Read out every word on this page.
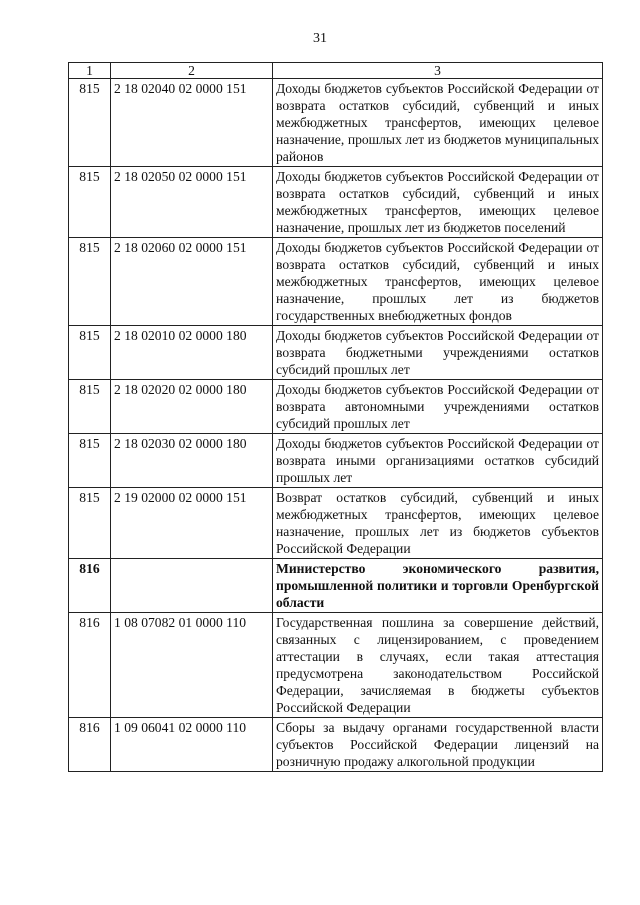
31
1	2	3
815	2 18 02040 02 0000 151	Доходы бюджетов субъектов Российской Федерации от возврата остатков субсидий, субвенций и иных межбюджетных трансфертов, имеющих целевое назначение, прошлых лет из бюджетов муниципальных районов
815	2 18 02050 02 0000 151	Доходы бюджетов субъектов Российской Федерации от возврата остатков субсидий, субвенций и иных межбюджетных трансфертов, имеющих целевое назначение, прошлых лет из бюджетов поселений
815	2 18 02060 02 0000 151	Доходы бюджетов субъектов Российской Федерации от возврата остатков субсидий, субвенций и иных межбюджетных трансфертов, имеющих целевое назначение, прошлых лет из бюджетов государственных внебюджетных фондов
815	2 18 02010 02 0000 180	Доходы бюджетов субъектов Российской Федерации от возврата бюджетными учреждениями остатков субсидий прошлых лет
815	2 18 02020 02 0000 180	Доходы бюджетов субъектов Российской Федерации от возврата автономными учреждениями остатков субсидий прошлых лет
815	2 18 02030 02 0000 180	Доходы бюджетов субъектов Российской Федерации от возврата иными организациями остатков субсидий прошлых лет
815	2 19 02000 02 0000 151	Возврат остатков субсидий, субвенций и иных межбюджетных трансфертов, имеющих целевое назначение, прошлых лет из бюджетов субъектов Российской Федерации
816		Министерство экономического развития, промышленной политики и торговли Оренбургской области
816	1 08 07082 01 0000 110	Государственная пошлина за совершение действий, связанных с лицензированием, с проведением аттестации в случаях, если такая аттестация предусмотрена законодательством Российской Федерации, зачисляемая в бюджеты субъектов Российской Федерации
816	1 09 06041 02 0000 110	Сборы за выдачу органами государственной власти субъектов Российской Федерации лицензий на розничную продажу алкогольной продукции
